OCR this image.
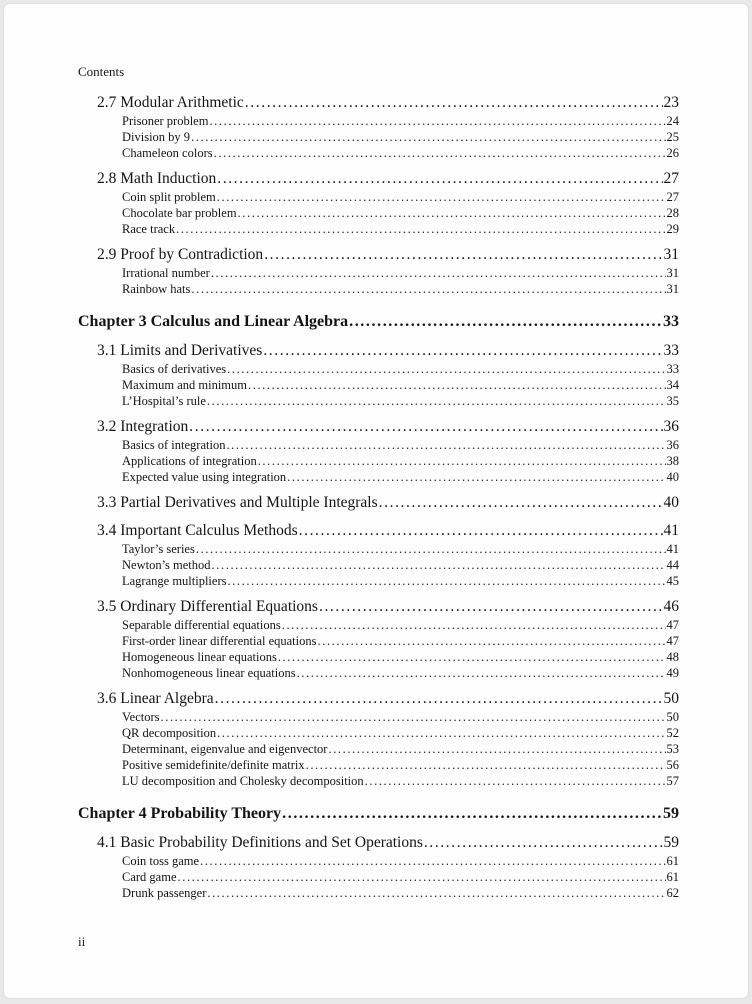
Contents
2.7 Modular Arithmetic .....	23
Prisoner problem .....	24
Division by 9 .....	25
Chameleon colors .....	26
2.8 Math Induction .....	27
Coin split problem .....	27
Chocolate bar problem .....	28
Race track .....	29
2.9 Proof by Contradiction .....	31
Irrational number .....	31
Rainbow hats .....	31
Chapter 3 Calculus and Linear Algebra .....	33
3.1 Limits and Derivatives .....	33
Basics of derivatives .....	33
Maximum and minimum .....	34
L’Hospital’s rule .....	35
3.2 Integration .....	36
Basics of integration .....	36
Applications of integration .....	38
Expected value using integration .....	40
3.3 Partial Derivatives and Multiple Integrals .....	40
3.4 Important Calculus Methods .....	41
Taylor’s series .....	41
Newton’s method .....	44
Lagrange multipliers .....	45
3.5 Ordinary Differential Equations .....	46
Separable differential equations .....	47
First-order linear differential equations .....	47
Homogeneous linear equations .....	48
Nonhomogeneous linear equations .....	49
3.6 Linear Algebra .....	50
Vectors .....	50
QR decomposition .....	52
Determinant, eigenvalue and eigenvector .....	53
Positive semidefinite/definite matrix .....	56
LU decomposition and Cholesky decomposition .....	57
Chapter 4 Probability Theory .....	59
4.1 Basic Probability Definitions and Set Operations .....	59
Coin toss game .....	61
Card game .....	61
Drunk passenger .....	62
ii
